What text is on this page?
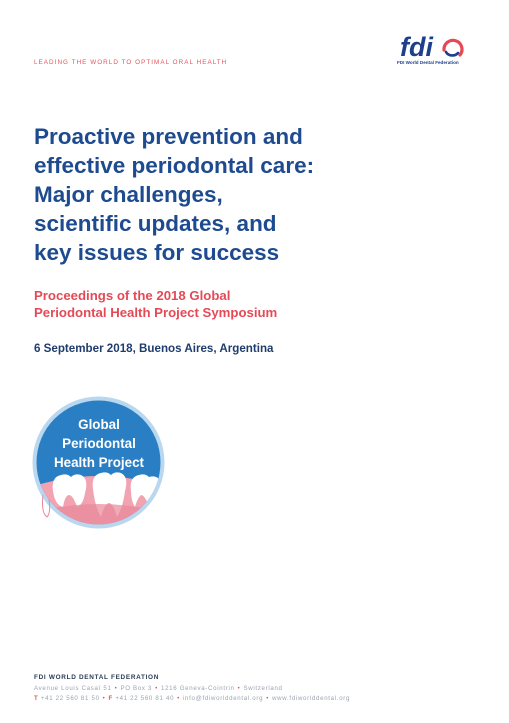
LEADING THE WORLD TO OPTIMAL ORAL HEALTH
fdi
FDI World Dental Federation
Proactive prevention and
effective periodontal care:
Major challenges,
scientific updates, and
key issues for success
Proceedings of the 2018 Global
Periodontal Health Project Symposium

6 September 2018, Buenos Aires, Argentina

Global
Periodontal
Health Project
FDI WORLD DENTAL FEDERATION
Avenue Louis Casaï 51 • PO Box 3 • 1216 Geneva-Cointrin • Switzerland
T +41 22 560 81 50 • F +41 22 560 81 40 • info@fdiworlddental.org • www.fdiworlddental.org
